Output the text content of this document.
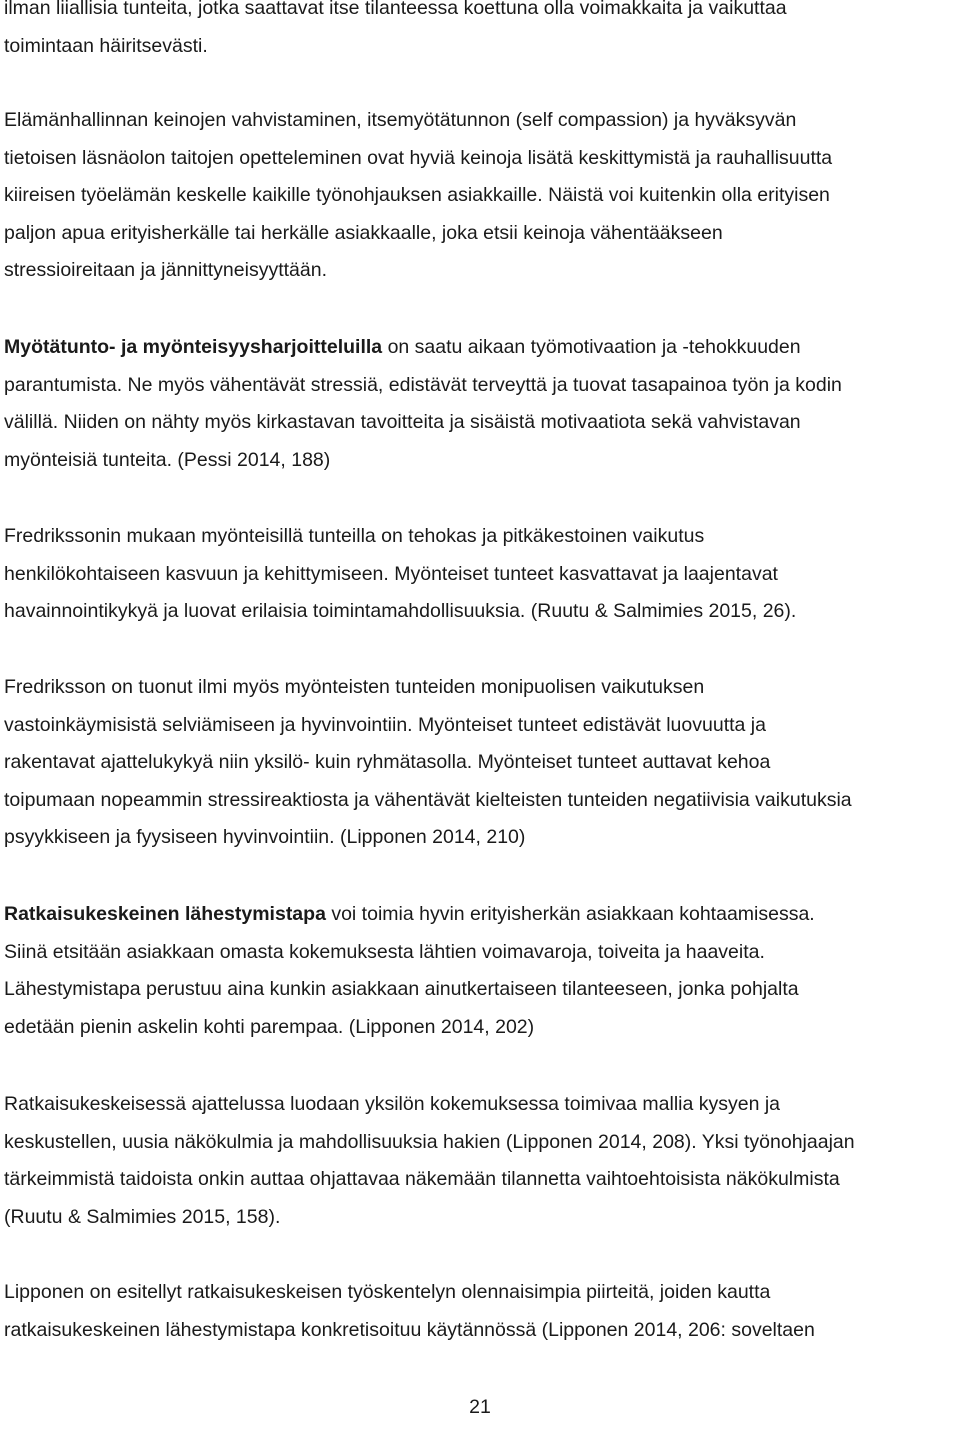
ilman liiallisia tunteita, jotka saattavat itse tilanteessa koettuna olla voimakkaita ja vaikuttaa
toimintaan häiritsevästi.

Elämänhallinnan keinojen vahvistaminen, itsemyötätunnon (self compassion) ja hyväksyvän
tietoisen läsnäolon taitojen opetteleminen ovat hyviä keinoja lisätä keskittymistä ja rauhallisuutta
kiireisen työelämän keskelle kaikille työnohjauksen asiakkaille. Näistä voi kuitenkin olla erityisen
paljon apua erityisherkälle tai herkälle asiakkaalle, joka etsii keinoja vähentääkseen
stressioireitaan ja jännittyneisyyttään.

Myötätunto- ja myönteisyysharjoitteluilla on saatu aikaan työmotivaation ja -tehokkuuden
parantumista. Ne myös vähentävät stressiä, edistävät terveyttä ja tuovat tasapainoa työn ja kodin
välillä. Niiden on nähty myös kirkastavan tavoitteita ja sisäistä motivaatiota sekä vahvistavan
myönteisiä tunteita. (Pessi 2014, 188)

Fredrikssonin mukaan myönteisillä tunteilla on tehokas ja pitkäkestoinen vaikutus
henkilökohtaiseen kasvuun ja kehittymiseen. Myönteiset tunteet kasvattavat ja laajentavat
havainnointikykyä ja luovat erilaisia toimintamahdollisuuksia. (Ruutu & Salmimies 2015, 26).

Fredriksson on tuonut ilmi myös myönteisten tunteiden monipuolisen vaikutuksen
vastoinkäymisistä selviämiseen ja hyvinvointiin. Myönteiset tunteet edistävät luovuutta ja
rakentavat ajattelukykyä niin yksilö- kuin ryhmätasolla. Myönteiset tunteet auttavat kehoa
toipumaan nopeammin stressireaktiosta ja vähentävät kielteisten tunteiden negatiivisia vaikutuksia
psyykkiseen ja fyysiseen hyvinvointiin. (Lipponen 2014, 210)

Ratkaisukeskeinen lähestymistapa voi toimia hyvin erityisherkän asiakkaan kohtaamisessa.
Siinä etsitään asiakkaan omasta kokemuksesta lähtien voimavaroja, toiveita ja haaveita.
Lähestymistapa perustuu aina kunkin asiakkaan ainutkertaiseen tilanteeseen, jonka pohjalta
edetään pienin askelin kohti parempaa. (Lipponen 2014, 202)

Ratkaisukeskeisessä ajattelussa luodaan yksilön kokemuksessa toimivaa mallia kysyen ja
keskustellen, uusia näkökulmia ja mahdollisuuksia hakien (Lipponen 2014, 208). Yksi työnohjaajan
tärkeimmistä taidoista onkin auttaa ohjattavaa näkemään tilannetta vaihtoehtoisista näkökulmista
(Ruutu & Salmimies 2015, 158).

Lipponen on esitellyt ratkaisukeskeisen työskentelyn olennaisimpia piirteitä, joiden kautta
ratkaisukeskeinen lähestymistapa konkretisoituu käytännössä (Lipponen 2014, 206: soveltaen

21
